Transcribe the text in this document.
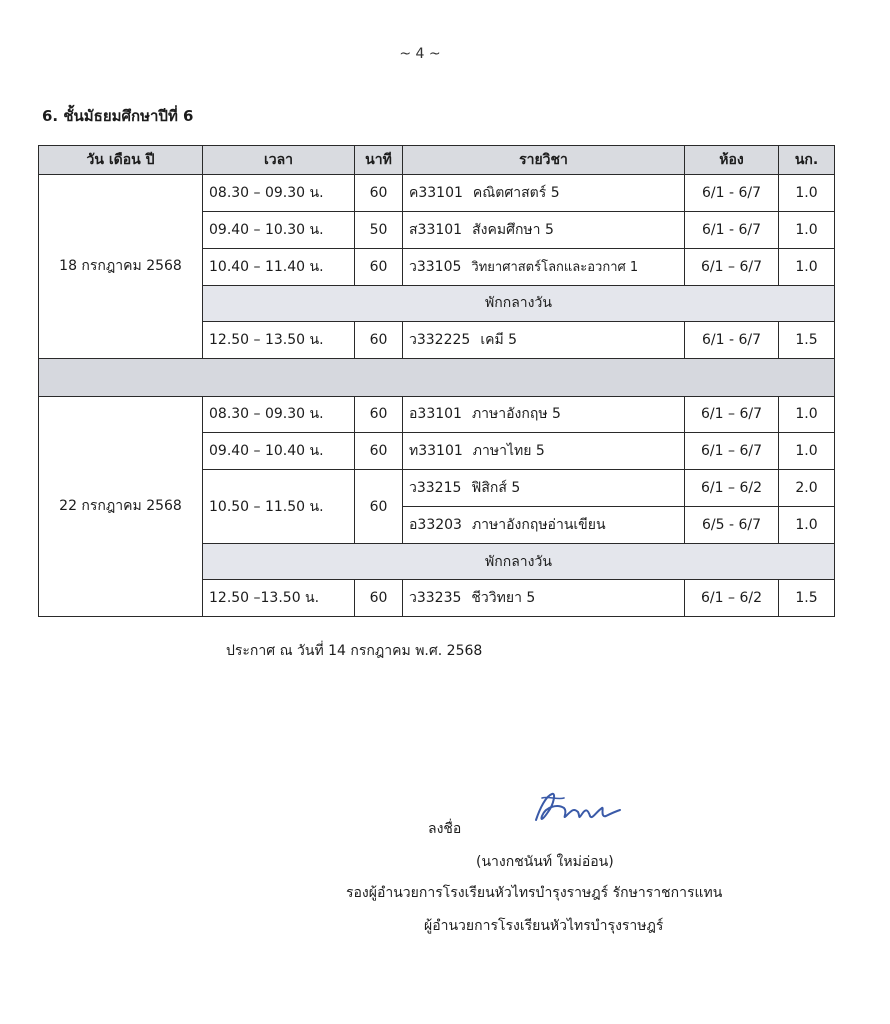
~ 4 ~
6. ชั้นมัธยมศึกษาปีที่ 6
วัน เดือน ปี	เวลา	นาที	รายวิชา	ห้อง	นก.
18 กรกฎาคม 2568	08.30 – 09.30 น.	60	ค33101 คณิตศาสตร์ 5	6/1 - 6/7	1.0
	09.40 – 10.30 น.	50	ส33101 สังคมศึกษา 5	6/1 - 6/7	1.0
	10.40 – 11.40 น.	60	ว33105 วิทยาศาสตร์โลกและอวกาศ 1	6/1 – 6/7	1.0
	พักกลางวัน				
	12.50 – 13.50 น.	60	ว332225 เคมี 5	6/1 - 6/7	1.5

22 กรกฎาคม 2568	08.30 – 09.30 น.	60	อ33101 ภาษาอังกฤษ 5	6/1 – 6/7	1.0
	09.40 – 10.40 น.	60	ท33101 ภาษาไทย 5	6/1 – 6/7	1.0
	10.50 – 11.50 น.	60	ว33215 ฟิสิกส์ 5	6/1 – 6/2	2.0
			อ33203 ภาษาอังกฤษอ่านเขียน	6/5 - 6/7	1.0
	พักกลางวัน				
	12.50 –13.50 น.	60	ว33235 ชีววิทยา 5	6/1 – 6/2	1.5
ประกาศ ณ วันที่ 14 กรกฎาคม พ.ศ. 2568
ลงชื่อ
(นางกชนันท์ ใหม่อ่อน)
รองผู้อำนวยการโรงเรียนหัวไทรบำรุงราษฎร์ รักษาราชการแทน
ผู้อำนวยการโรงเรียนหัวไทรบำรุงราษฎร์
